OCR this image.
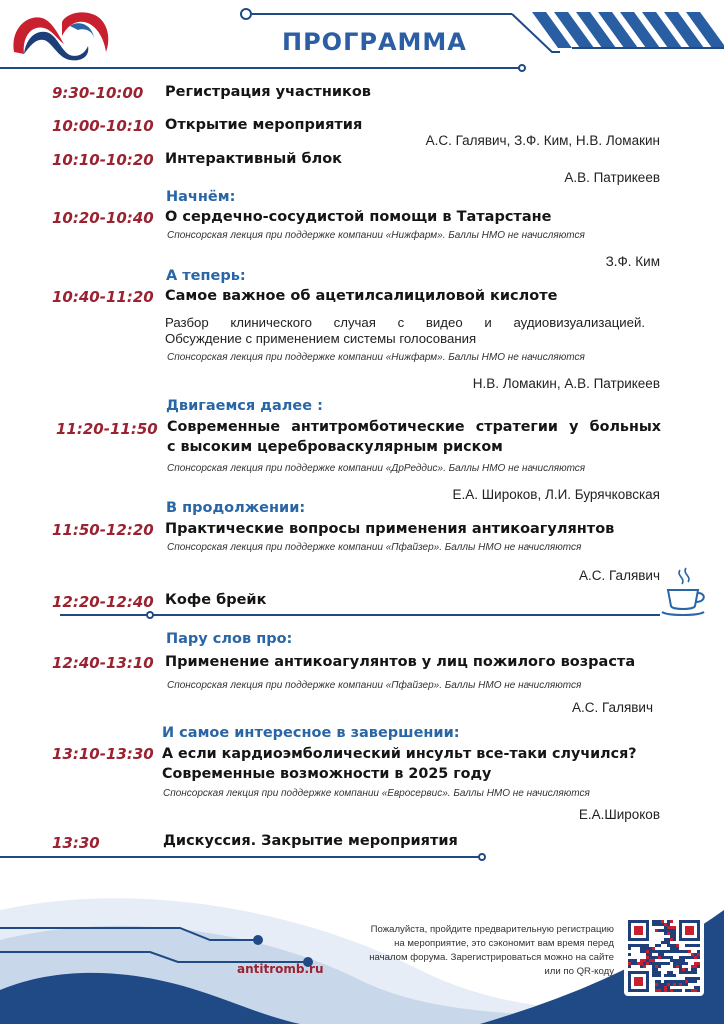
ПРОГРАММА
9:30-10:00 Регистрация участников
10:00-10:10 Открытие мероприятия
А.С. Галявич, З.Ф. Ким, Н.В. Ломакин
10:10-10:20 Интерактивный блок
А.В. Патрикеев
Начнём:
10:20-10:40 О сердечно-сосудистой помощи в Татарстане
Спонсорская лекция при поддержке компании «Нижфарм». Баллы НМО не начисляются
З.Ф. Ким
А теперь:
10:40-11:20 Самое важное об ацетилсалициловой кислоте
Разбор клинического случая с видео и аудиовизуализацией.
Обсуждение с применением системы голосования
Спонсорская лекция при поддержке компании «Нижфарм». Баллы НМО не начисляются
Н.В. Ломакин, А.В. Патрикеев
Двигаемся далее :
11:20-11:50 Современные антитромботические стратегии у больных
с высоким цереброваскулярным риском
Спонсорская лекция при поддержке компании «ДрРеддис». Баллы НМО не начисляются
Е.А. Широков, Л.И. Бурячковская
В продолжении:
11:50-12:20 Практические вопросы применения антикоагулянтов
Спонсорская лекция при поддержке компании «Пфайзер». Баллы НМО не начисляются
А.С. Галявич
12:20-12:40 Кофе брейк
Пару слов про:
12:40-13:10 Применение антикоагулянтов у лиц пожилого возраста
Спонсорская лекция при поддержке компании «Пфайзер». Баллы НМО не начисляются
А.С. Галявич
И самое интересное в завершении:
13:10-13:30 А если кардиоэмболический инсульт все-таки случился?
Современные возможности в 2025 году
Спонсорская лекция при поддержке компании «Евросервис». Баллы НМО не начисляются
Е.А.Широков
13:30	Дискуссия. Закрытие мероприятия
antitromb.ru
Пожалуйста, пройдите предварительную регистрацию
на мероприятие, это сэкономит вам время перед
началом форума. Зарегистрироваться можно на сайте
или по QR-коду
